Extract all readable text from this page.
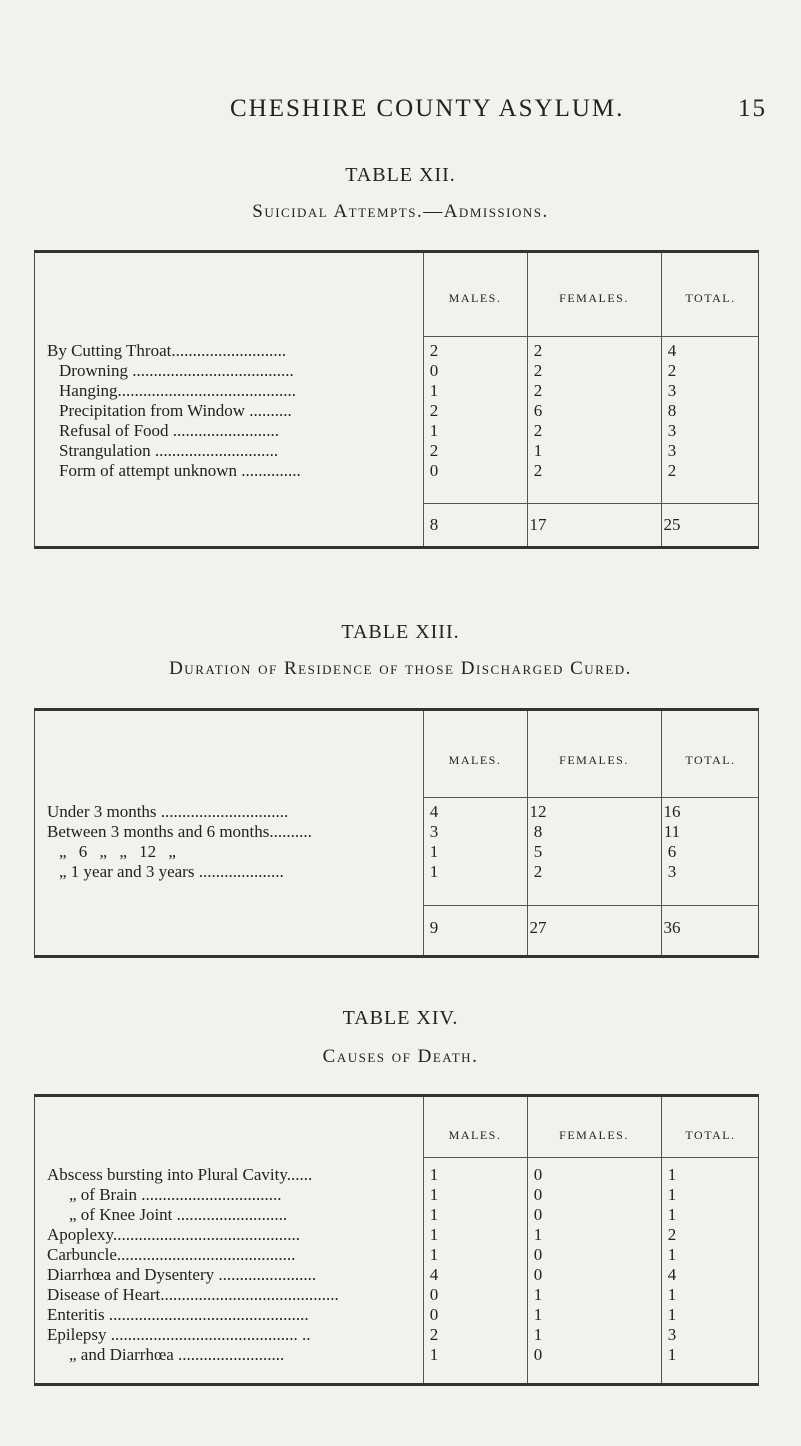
CHESHIRE COUNTY ASYLUM.	15
TABLE XII.
Suicidal Attempts.—Admissions.
MALES.	FEMALES.	TOTAL.
By Cutting Throat...........................	2	2	4
Drowning ......................................	0	2	2
Hanging..........................................	1	2	3
Precipitation from Window ..........	2	6	8
Refusal of Food .........................	1	2	3
Strangulation .............................	2	1	3
Form of attempt unknown ..............	0	2	2
8	17	25
TABLE XIII.
Duration of Residence of those Discharged Cured.
MALES.	FEMALES.	TOTAL.
Under 3 months ..............................	4	12	16
Between 3 months and 6 months..........	3	8	11
„ 6 „ „ 12 „	1	5	6
„ 1 year and 3 years ....................	1	2	3
9	27	36
TABLE XIV.
Causes of Death.
MALES.	FEMALES.	TOTAL.
Abscess bursting into Plural Cavity......	1	0	1
„ of Brain .................................	1	0	1
„ of Knee Joint ..........................	1	0	1
Apoplexy............................................	1	1	2
Carbuncle..........................................	1	0	1
Diarrhœa and Dysentery .......................	4	0	4
Disease of Heart..........................................	0	1	1
Enteritis ...............................................	0	1	1
Epilepsy ............................................ ..	2	1	3
„ and Diarrhœa .........................	1	0	1
